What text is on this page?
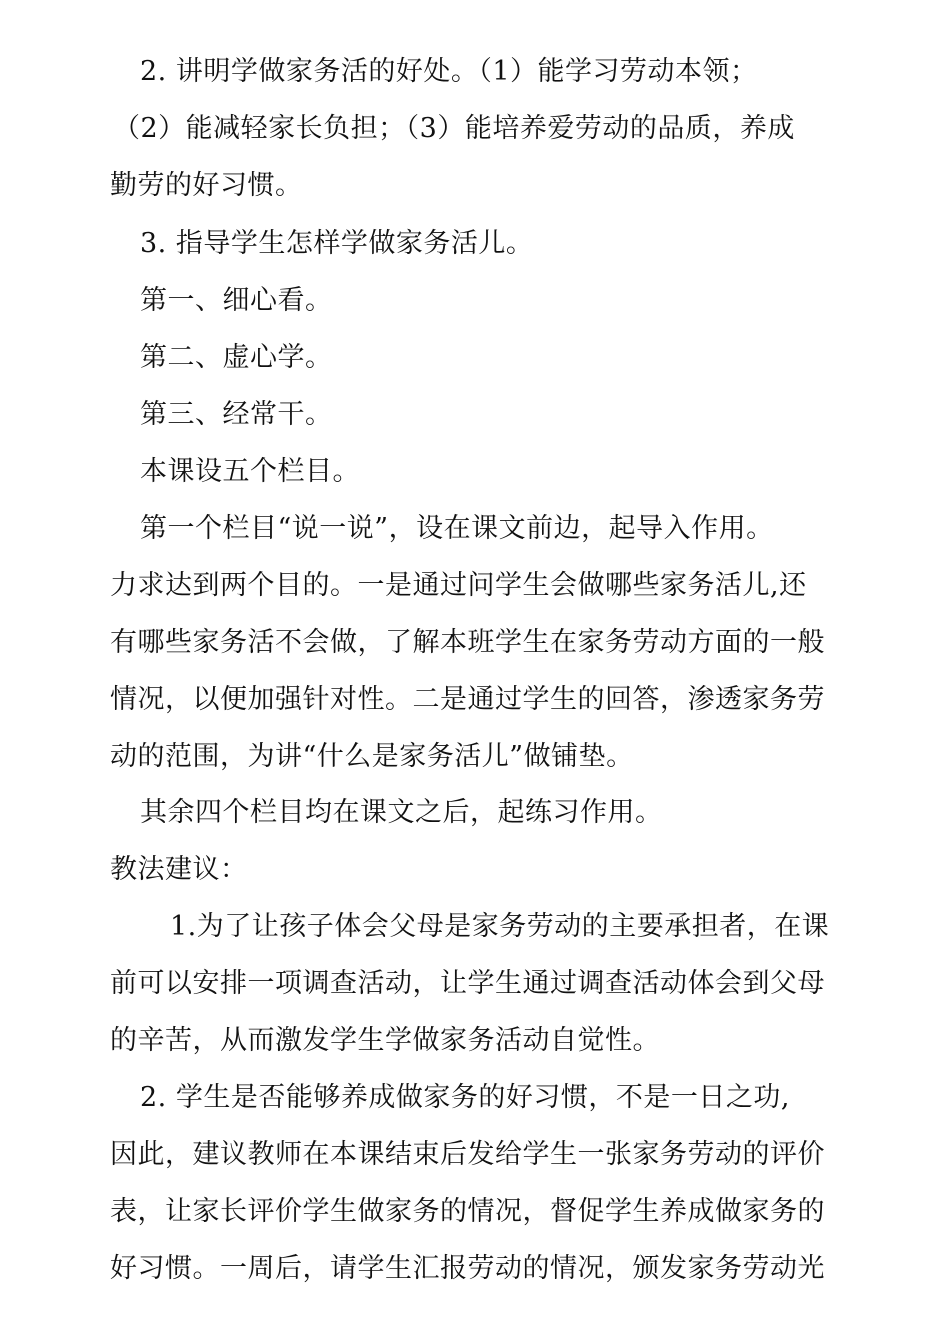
2. 讲明学做家务活的好处。（1）能学习劳动本领；
（2）能减轻家长负担；（3）能培养爱劳动的品质，养成
勤劳的好习惯。
3. 指导学生怎样学做家务活儿。
第一、细心看。
第二、虚心学。
第三、经常干。
本课设五个栏目。
第一个栏目“说一说”，设在课文前边，起导入作用。
力求达到两个目的。一是通过问学生会做哪些家务活儿,还
有哪些家务活不会做，了解本班学生在家务劳动方面的一般
情况，以便加强针对性。二是通过学生的回答，渗透家务劳
动的范围，为讲“什么是家务活儿”做铺垫。
其余四个栏目均在课文之后，起练习作用。
教法建议：
1.为了让孩子体会父母是家务劳动的主要承担者，在课
前可以安排一项调查活动，让学生通过调查活动体会到父母
的辛苦，从而激发学生学做家务活动自觉性。
2. 学生是否能够养成做家务的好习惯，不是一日之功,
因此，建议教师在本课结束后发给学生一张家务劳动的评价
表，让家长评价学生做家务的情况，督促学生养成做家务的
好习惯。一周后，请学生汇报劳动的情况，颁发家务劳动光
